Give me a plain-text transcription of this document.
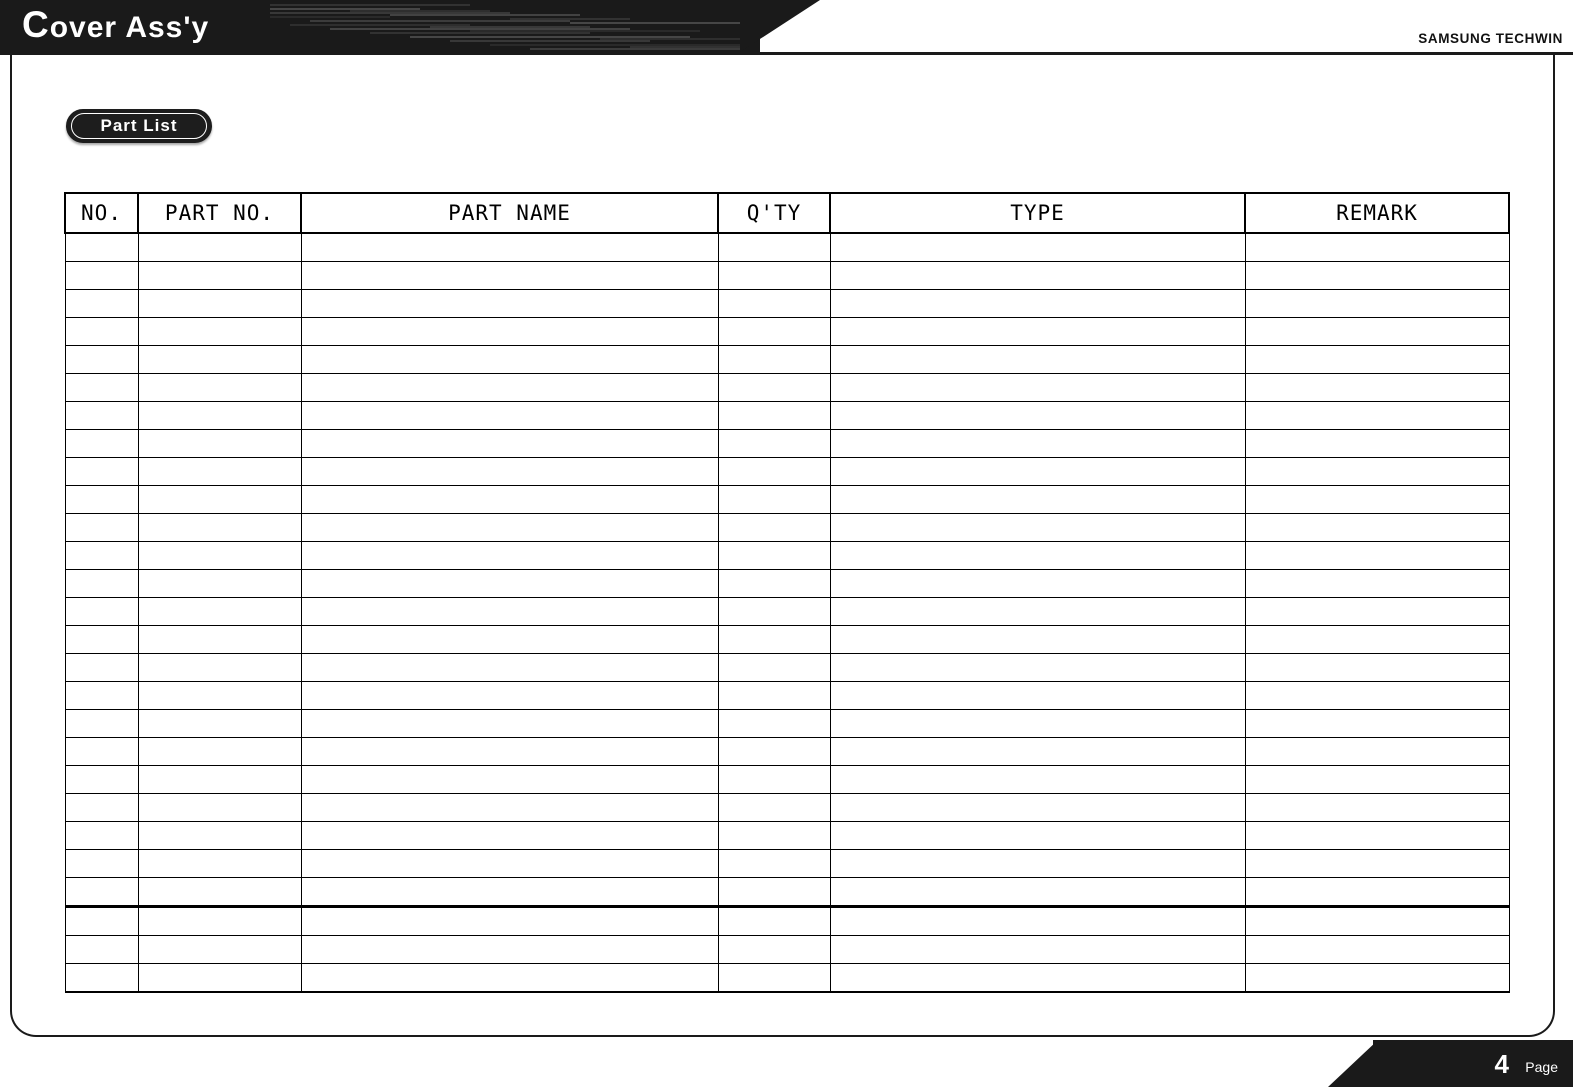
Cover Ass'y	SAMSUNG TECHWIN
Part List
NO.	PART NO.	PART NAME	Q'TY	TYPE	REMARK

4 Page
